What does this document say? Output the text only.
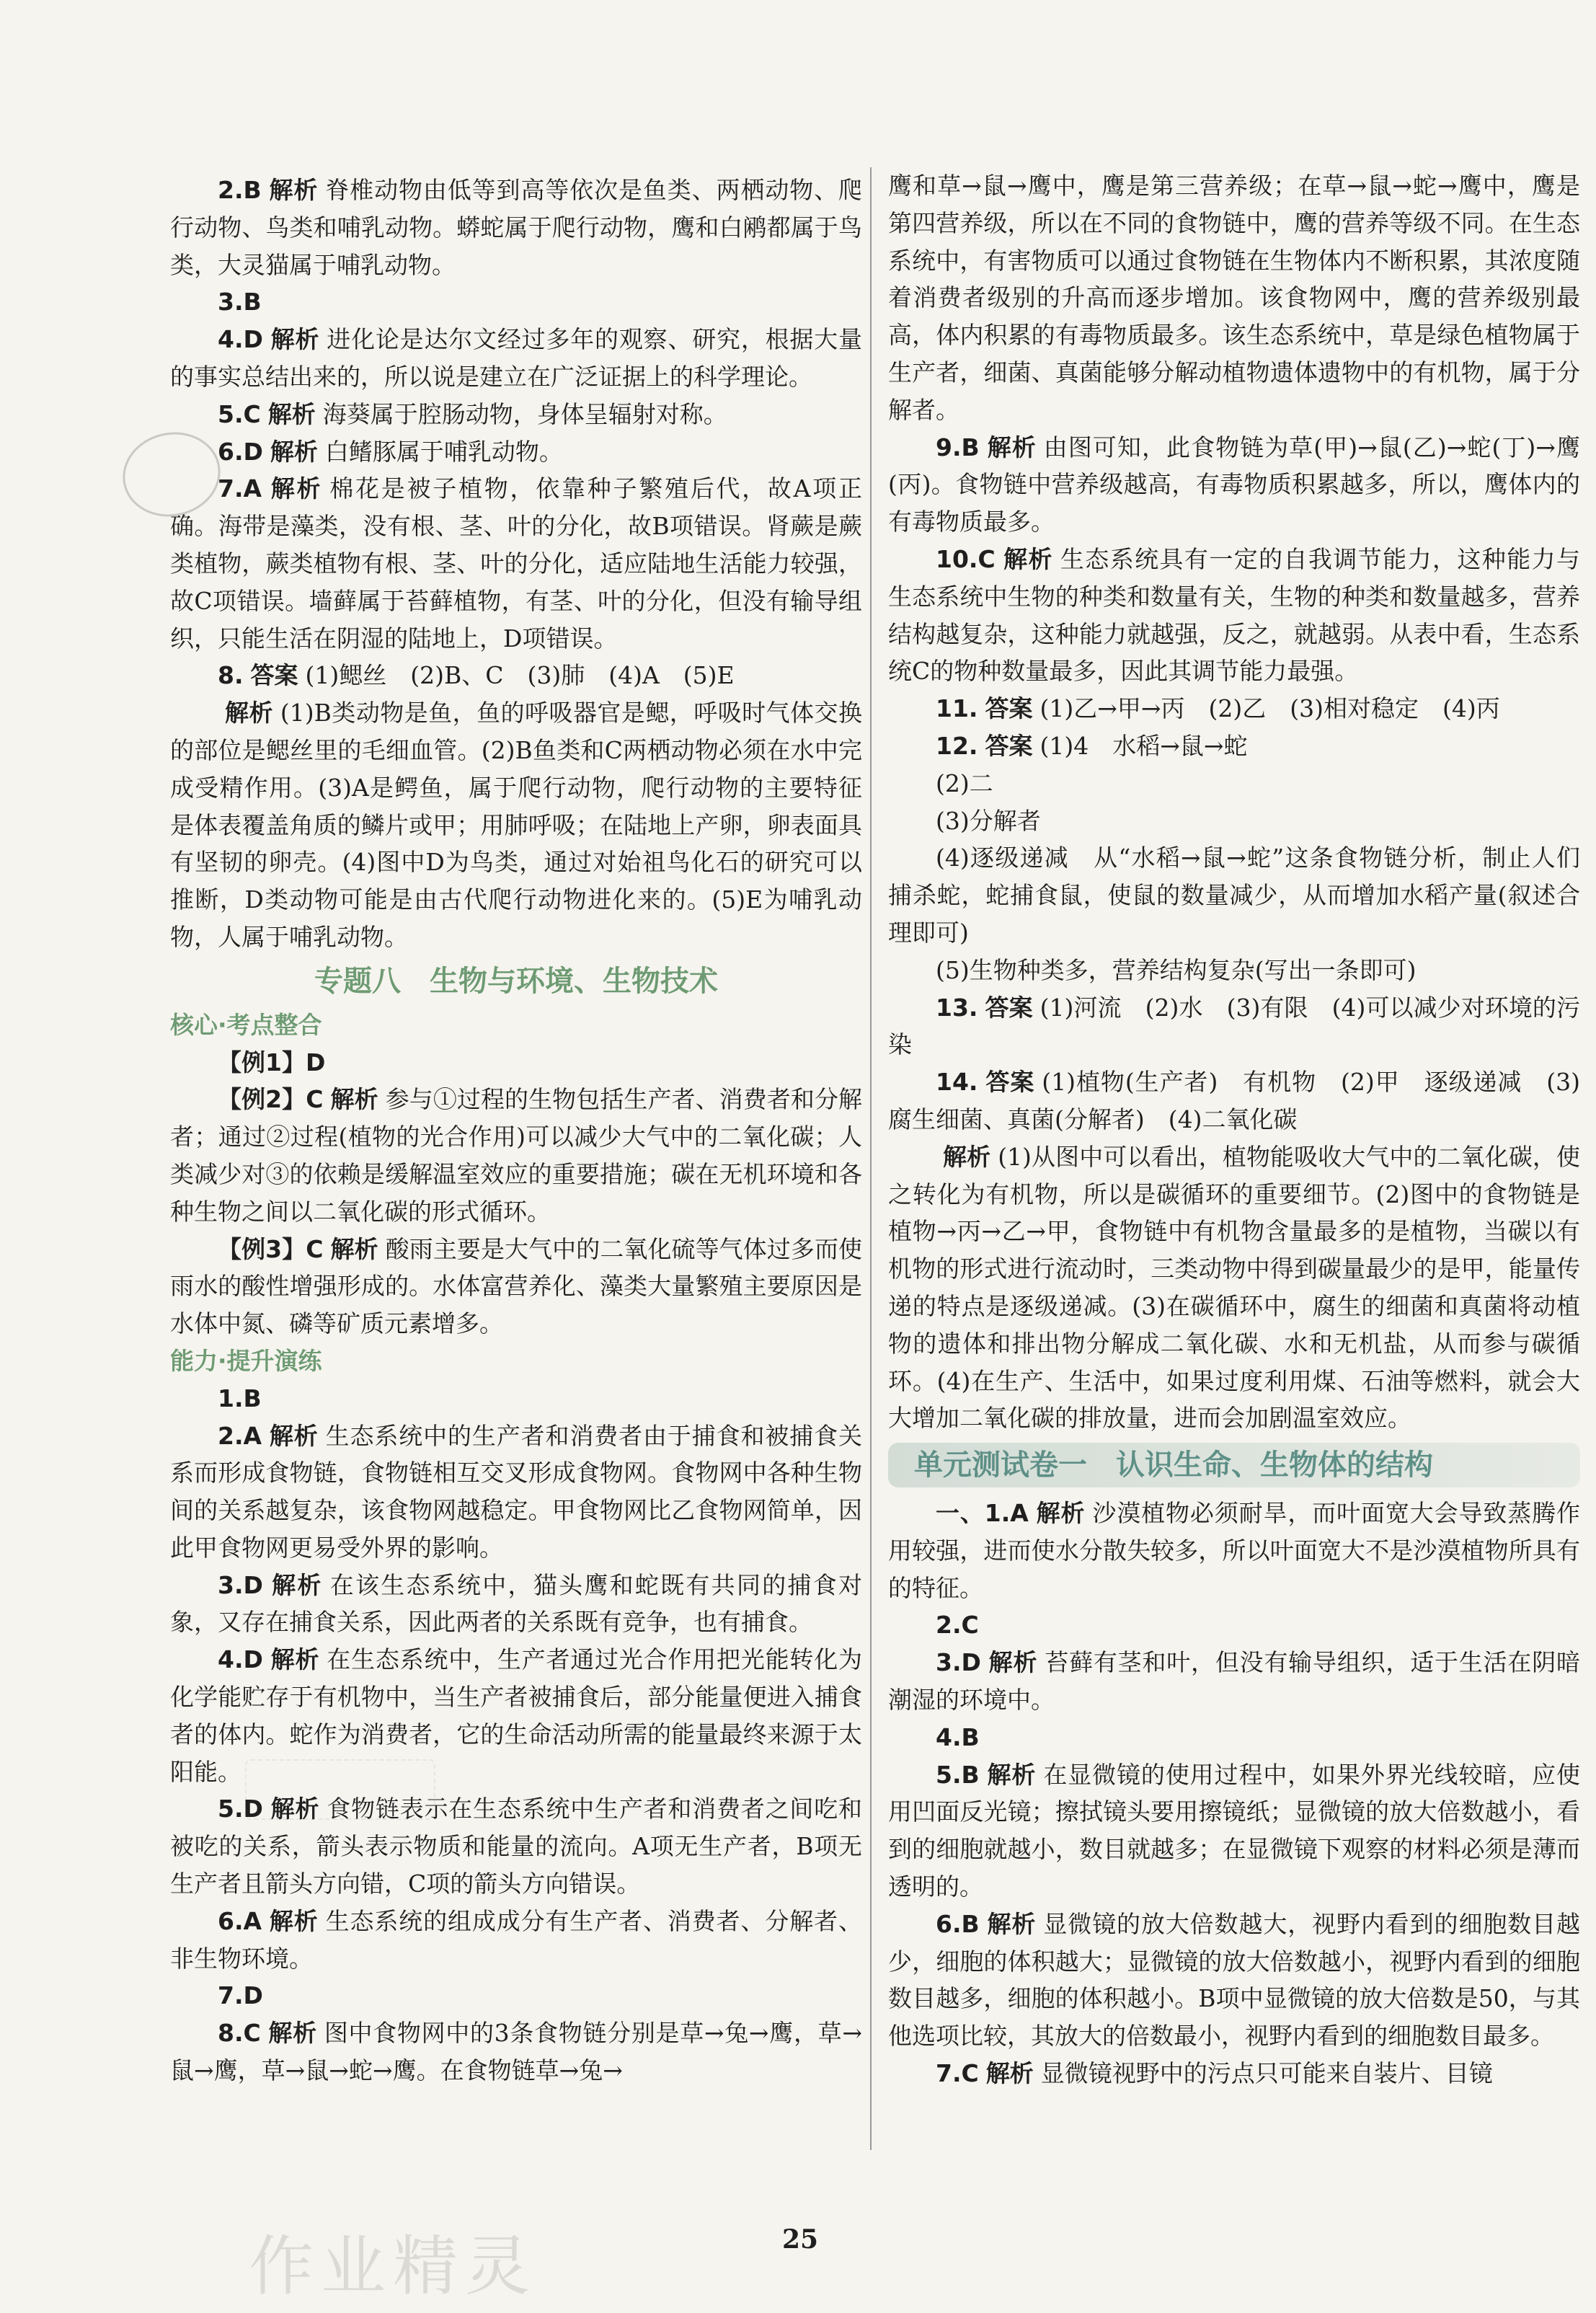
2.B 解析 脊椎动物由低等到高等依次是鱼类、两栖动物、爬行动物、鸟类和哺乳动物。蟒蛇属于爬行动物，鹰和白鹇都属于鸟类，大灵猫属于哺乳动物。

3.B

4.D 解析 进化论是达尔文经过多年的观察、研究，根据大量的事实总结出来的，所以说是建立在广泛证据上的科学理论。

5.C 解析 海葵属于腔肠动物，身体呈辐射对称。

6.D 解析 白鳍豚属于哺乳动物。

7.A 解析 棉花是被子植物，依靠种子繁殖后代，故A项正确。海带是藻类，没有根、茎、叶的分化，故B项错误。肾蕨是蕨类植物，蕨类植物有根、茎、叶的分化，适应陆地生活能力较强，故C项错误。墙藓属于苔藓植物，有茎、叶的分化，但没有输导组织，只能生活在阴湿的陆地上，D项错误。

8. 答案 (1)鳃丝　(2)B、C　(3)肺　(4)A　(5)E

解析 (1)B类动物是鱼，鱼的呼吸器官是鳃，呼吸时气体交换的部位是鳃丝里的毛细血管。(2)B鱼类和C两栖动物必须在水中完成受精作用。(3)A是鳄鱼，属于爬行动物，爬行动物的主要特征是体表覆盖角质的鳞片或甲；用肺呼吸；在陆地上产卵，卵表面具有坚韧的卵壳。(4)图中D为鸟类，通过对始祖鸟化石的研究可以推断，D类动物可能是由古代爬行动物进化来的。(5)E为哺乳动物，人属于哺乳动物。

专题八　生物与环境、生物技术
核心·考点整合

【例1】D

【例2】C 解析 参与①过程的生物包括生产者、消费者和分解者；通过②过程(植物的光合作用)可以减少大气中的二氧化碳；人类减少对③的依赖是缓解温室效应的重要措施；碳在无机环境和各种生物之间以二氧化碳的形式循环。

【例3】C 解析 酸雨主要是大气中的二氧化硫等气体过多而使雨水的酸性增强形成的。水体富营养化、藻类大量繁殖主要原因是水体中氮、磷等矿质元素增多。

能力·提升演练

1.B

2.A 解析 生态系统中的生产者和消费者由于捕食和被捕食关系而形成食物链，食物链相互交叉形成食物网。食物网中各种生物间的关系越复杂，该食物网越稳定。甲食物网比乙食物网简单，因此甲食物网更易受外界的影响。

3.D 解析 在该生态系统中，猫头鹰和蛇既有共同的捕食对象，又存在捕食关系，因此两者的关系既有竞争，也有捕食。

4.D 解析 在生态系统中，生产者通过光合作用把光能转化为化学能贮存于有机物中，当生产者被捕食后，部分能量便进入捕食者的体内。蛇作为消费者，它的生命活动所需的能量最终来源于太阳能。

5.D 解析 食物链表示在生态系统中生产者和消费者之间吃和被吃的关系，箭头表示物质和能量的流向。A项无生产者，B项无生产者且箭头方向错，C项的箭头方向错误。

6.A 解析 生态系统的组成成分有生产者、消费者、分解者、非生物环境。

7.D

8.C 解析 图中食物网中的3条食物链分别是草→兔→鹰，草→鼠→鹰，草→鼠→蛇→鹰。在食物链草→兔→

鹰和草→鼠→鹰中，鹰是第三营养级；在草→鼠→蛇→鹰中，鹰是第四营养级，所以在不同的食物链中，鹰的营养等级不同。在生态系统中，有害物质可以通过食物链在生物体内不断积累，其浓度随着消费者级别的升高而逐步增加。该食物网中，鹰的营养级别最高，体内积累的有毒物质最多。该生态系统中，草是绿色植物属于生产者，细菌、真菌能够分解动植物遗体遗物中的有机物，属于分解者。

9.B 解析 由图可知，此食物链为草(甲)→鼠(乙)→蛇(丁)→鹰(丙)。食物链中营养级越高，有毒物质积累越多，所以，鹰体内的有毒物质最多。

10.C 解析 生态系统具有一定的自我调节能力，这种能力与生态系统中生物的种类和数量有关，生物的种类和数量越多，营养结构越复杂，这种能力就越强，反之，就越弱。从表中看，生态系统C的物种数量最多，因此其调节能力最强。

11. 答案 (1)乙→甲→丙　(2)乙　(3)相对稳定　(4)丙

12. 答案 (1)4　水稻→鼠→蛇

(2)二

(3)分解者

(4)逐级递减　从“水稻→鼠→蛇”这条食物链分析，制止人们捕杀蛇，蛇捕食鼠，使鼠的数量减少，从而增加水稻产量(叙述合理即可)

(5)生物种类多，营养结构复杂(写出一条即可)

13. 答案 (1)河流　(2)水　(3)有限　(4)可以减少对环境的污染

14. 答案 (1)植物(生产者)　有机物　(2)甲　逐级递减　(3)腐生细菌、真菌(分解者)　(4)二氧化碳

解析 (1)从图中可以看出，植物能吸收大气中的二氧化碳，使之转化为有机物，所以是碳循环的重要细节。(2)图中的食物链是植物→丙→乙→甲，食物链中有机物含量最多的是植物，当碳以有机物的形式进行流动时，三类动物中得到碳量最少的是甲，能量传递的特点是逐级递减。(3)在碳循环中，腐生的细菌和真菌将动植物的遗体和排出物分解成二氧化碳、水和无机盐，从而参与碳循环。(4)在生产、生活中，如果过度利用煤、石油等燃料，就会大大增加二氧化碳的排放量，进而会加剧温室效应。

单元测试卷一　认识生命、生物体的结构

一、1.A 解析 沙漠植物必须耐旱，而叶面宽大会导致蒸腾作用较强，进而使水分散失较多，所以叶面宽大不是沙漠植物所具有的特征。

2.C

3.D 解析 苔藓有茎和叶，但没有输导组织，适于生活在阴暗潮湿的环境中。

4.B

5.B 解析 在显微镜的使用过程中，如果外界光线较暗，应使用凹面反光镜；擦拭镜头要用擦镜纸；显微镜的放大倍数越小，看到的细胞就越小，数目就越多；在显微镜下观察的材料必须是薄而透明的。

6.B 解析 显微镜的放大倍数越大，视野内看到的细胞数目越少，细胞的体积越大；显微镜的放大倍数越小，视野内看到的细胞数目越多，细胞的体积越小。B项中显微镜的放大倍数是50，与其他选项比较，其放大的倍数最小，视野内看到的细胞数目最多。

7.C 解析 显微镜视野中的污点只可能来自装片、目镜

25
作业精灵
